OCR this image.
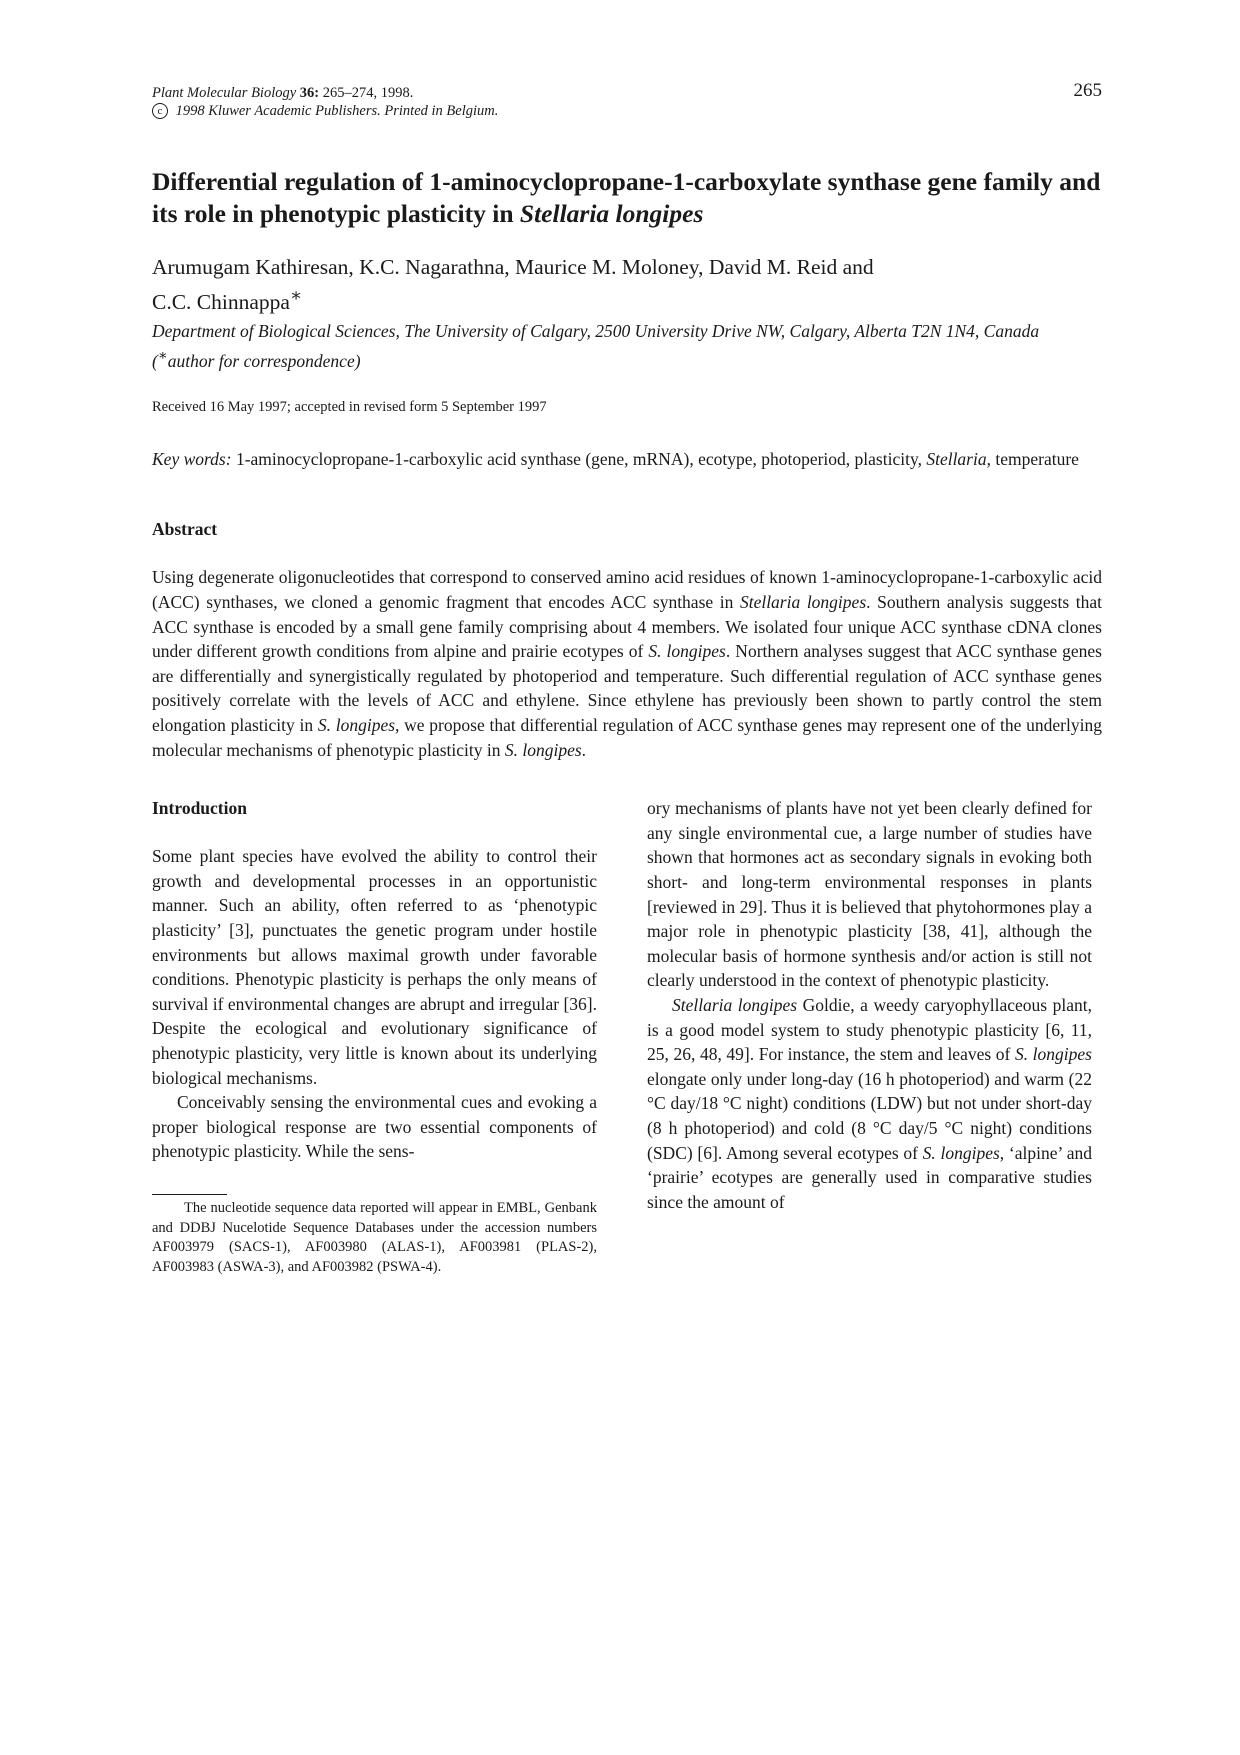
Plant Molecular Biology 36: 265–274, 1998.
c 1998 Kluwer Academic Publishers. Printed in Belgium.
265
Differential regulation of 1-aminocyclopropane-1-carboxylate synthase gene family and its role in phenotypic plasticity in Stellaria longipes
Arumugam Kathiresan, K.C. Nagarathna, Maurice M. Moloney, David M. Reid and
C.C. Chinnappa∗
Department of Biological Sciences, The University of Calgary, 2500 University Drive NW, Calgary, Alberta T2N 1N4, Canada (∗author for correspondence)
Received 16 May 1997; accepted in revised form 5 September 1997
Key words: 1-aminocyclopropane-1-carboxylic acid synthase (gene, mRNA), ecotype, photoperiod, plasticity, Stellaria, temperature
Abstract
Using degenerate oligonucleotides that correspond to conserved amino acid residues of known 1-aminocyclopropane-1-carboxylic acid (ACC) synthases, we cloned a genomic fragment that encodes ACC synthase in Stellaria longipes. Southern analysis suggests that ACC synthase is encoded by a small gene family comprising about 4 members. We isolated four unique ACC synthase cDNA clones under different growth conditions from alpine and prairie ecotypes of S. longipes. Northern analyses suggest that ACC synthase genes are differentially and synergistically regulated by photoperiod and temperature. Such differential regulation of ACC synthase genes positively correlate with the levels of ACC and ethylene. Since ethylene has previously been shown to partly control the stem elongation plasticity in S. longipes, we propose that differential regulation of ACC synthase genes may represent one of the underlying molecular mechanisms of phenotypic plasticity in S. longipes.
Introduction

Some plant species have evolved the ability to control their growth and developmental processes in an opportunistic manner. Such an ability, often referred to as ‘phenotypic plasticity’ [3], punctuates the genetic program under hostile environments but allows maximal growth under favorable conditions. Phenotypic plasticity is perhaps the only means of survival if environmental changes are abrupt and irregular [36]. Despite the ecological and evolutionary significance of phenotypic plasticity, very little is known about its underlying biological mechanisms.

Conceivably sensing the environmental cues and evoking a proper biological response are two essential components of phenotypic plasticity. While the sens-

The nucleotide sequence data reported will appear in EMBL, Genbank and DDBJ Nucelotide Sequence Databases under the accession numbers AF003979 (SACS-1), AF003980 (ALAS-1), AF003981 (PLAS-2), AF003983 (ASWA-3), and AF003982 (PSWA-4).

ory mechanisms of plants have not yet been clearly defined for any single environmental cue, a large number of studies have shown that hormones act as secondary signals in evoking both short- and long-term environmental responses in plants [reviewed in 29]. Thus it is believed that phytohormones play a major role in phenotypic plasticity [38, 41], although the molecular basis of hormone synthesis and/or action is still not clearly understood in the context of phenotypic plasticity.

Stellaria longipes Goldie, a weedy caryophyllaceous plant, is a good model system to study phenotypic plasticity [6, 11, 25, 26, 48, 49]. For instance, the stem and leaves of S. longipes elongate only under long-day (16 h photoperiod) and warm (22 °C day/18 °C night) conditions (LDW) but not under short-day (8 h photoperiod) and cold (8 °C day/5 °C night) conditions (SDC) [6]. Among several ecotypes of S. longipes, ‘alpine’ and ‘prairie’ ecotypes are generally used in comparative studies since the amount of
